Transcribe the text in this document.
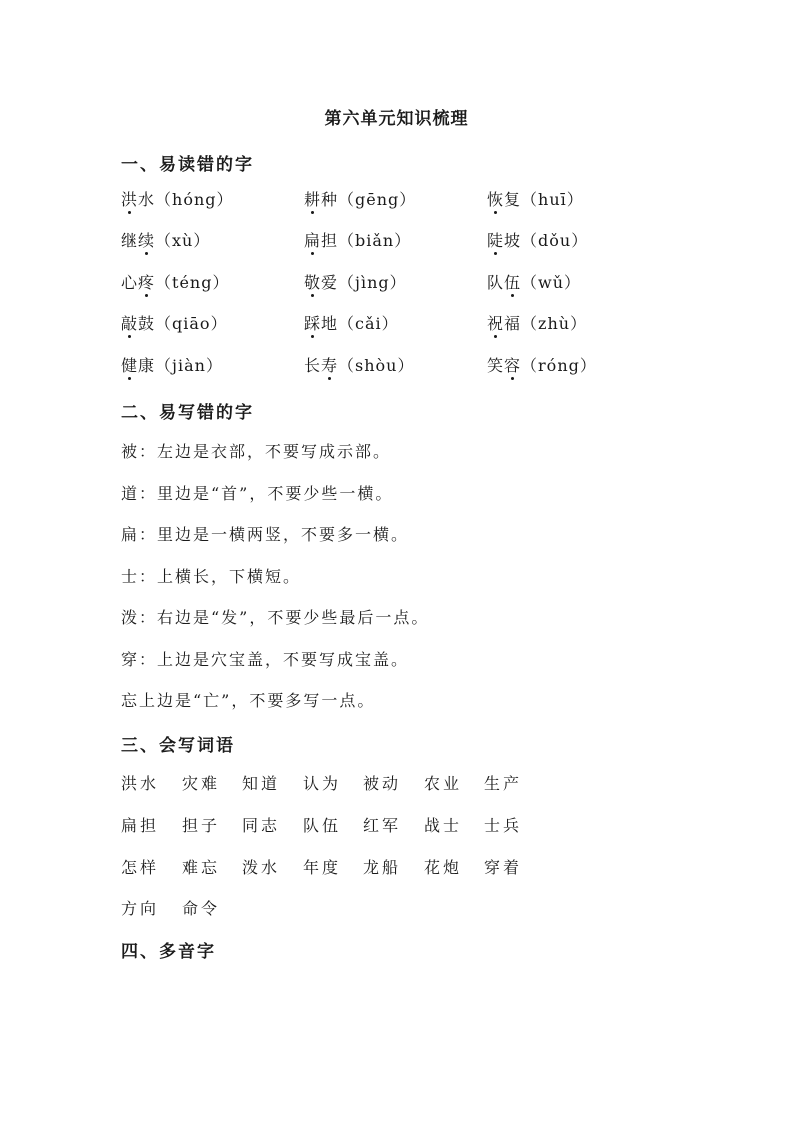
第六单元知识梳理
一、易读错的字
洪水（hóng）	耕种（gēng）	恢复（huī）
继续（xù）	扁担（biǎn）	陡坡（dǒu）
心疼（téng）	敬爱（jìng）	队伍（wǔ）
敲鼓（qiāo）	踩地（cǎi）	祝福（zhù）
健康（jiàn）	长寿（shòu）	笑容（róng）
二、易写错的字
被：左边是衣部，不要写成示部。
道：里边是“首”，不要少些一横。
扁：里边是一横两竖，不要多一横。
士：上横长，下横短。
泼：右边是“发”，不要少些最后一点。
穿：上边是穴宝盖，不要写成宝盖。
忘上边是“亡”，不要多写一点。
三、会写词语
洪水 灾难 知道 认为 被动 农业 生产
扁担 担子 同志 队伍 红军 战士 士兵
怎样 难忘 泼水 年度 龙船 花炮 穿着
方向 命令
四、多音字
